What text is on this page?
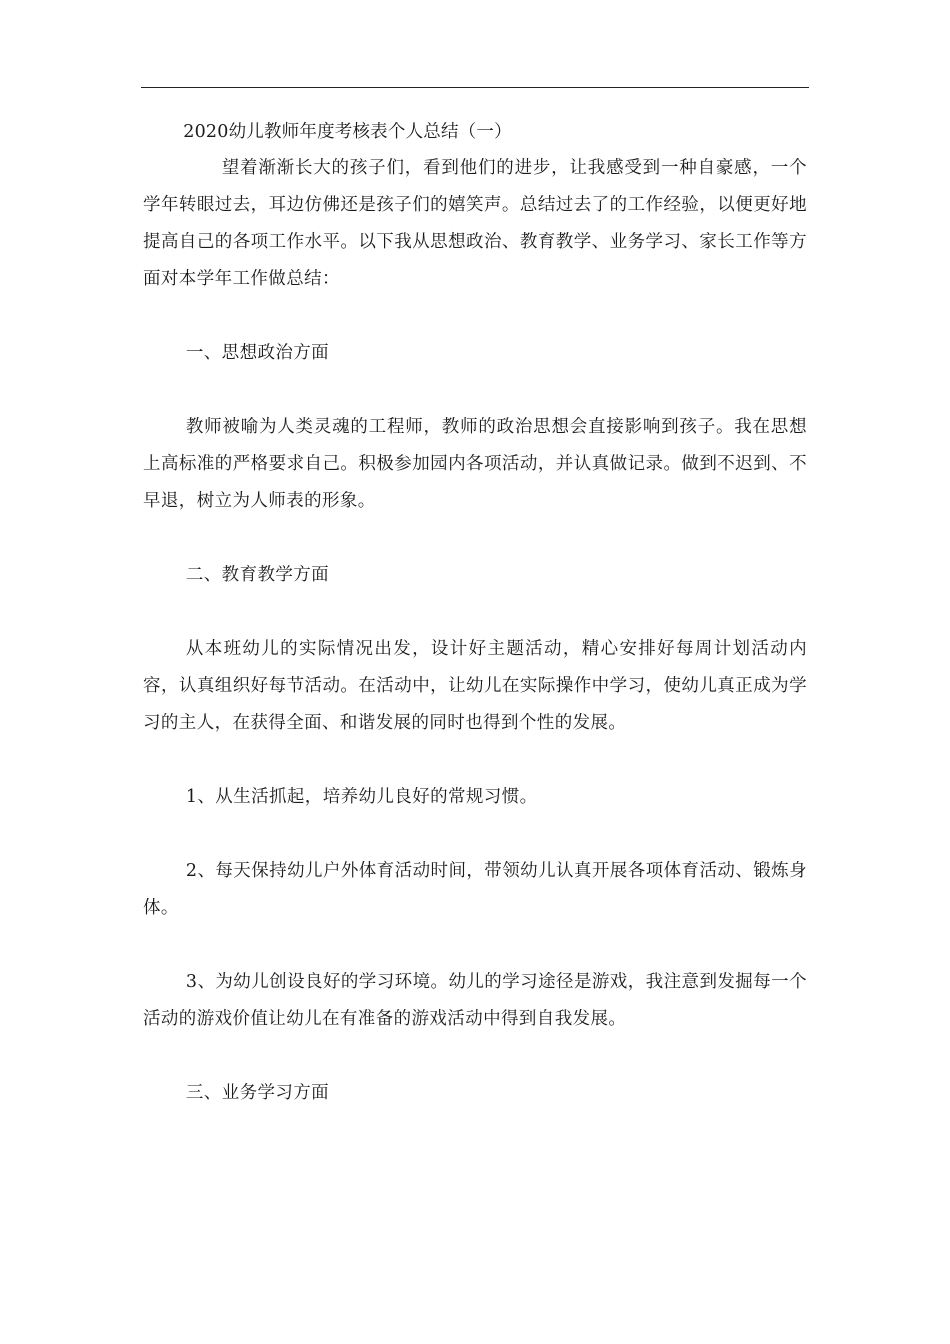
2020幼儿教师年度考核表个人总结（一）

望着渐渐长大的孩子们，看到他们的进步，让我感受到一种自豪感，一个学年转眼过去，耳边仿佛还是孩子们的嬉笑声。总结过去了的工作经验，以便更好地提高自己的各项工作水平。以下我从思想政治、教育教学、业务学习、家长工作等方面对本学年工作做总结：

一、思想政治方面

教师被喻为人类灵魂的工程师，教师的政治思想会直接影响到孩子。我在思想上高标准的严格要求自己。积极参加园内各项活动，并认真做记录。做到不迟到、不早退，树立为人师表的形象。

二、教育教学方面

从本班幼儿的实际情况出发，设计好主题活动，精心安排好每周计划活动内容，认真组织好每节活动。在活动中，让幼儿在实际操作中学习，使幼儿真正成为学习的主人，在获得全面、和谐发展的同时也得到个性的发展。

1、从生活抓起，培养幼儿良好的常规习惯。

2、每天保持幼儿户外体育活动时间，带领幼儿认真开展各项体育活动、锻炼身体。

3、为幼儿创设良好的学习环境。幼儿的学习途径是游戏，我注意到发掘每一个活动的游戏价值让幼儿在有准备的游戏活动中得到自我发展。

三、业务学习方面
